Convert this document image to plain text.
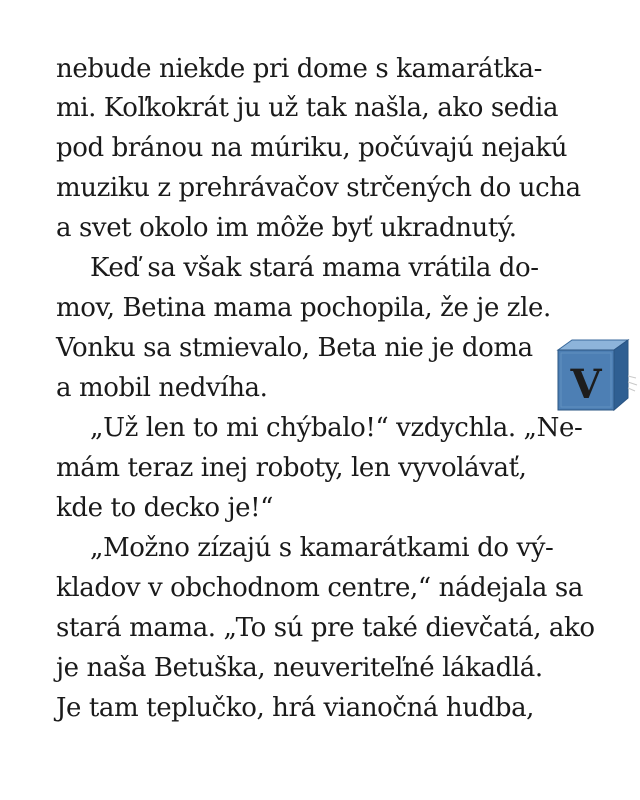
nebude niekde pri dome s kamarátka-
mi. Koľkokrát ju už tak našla, ako sedia
pod bránou na múriku, počúvajú nejakú
muziku z prehrávačov strčených do ucha
a svet okolo im môže byť ukradnutý.
Keď sa však stará mama vrátila do-
mov, Betina mama pochopila, že je zle.
Vonku sa stmievalo, Beta nie je doma
a mobil nedvíha.
„Už len to mi chýbalo!“ vzdychla. „Ne-
mám teraz inej roboty, len vyvolávať,
kde to decko je!“
„Možno zízajú s kamarátkami do vý-
kladov v obchodnom centre,“ nádejala sa
stará mama. „To sú pre také dievčatá, ako
je naša Betuška, neuveriteľné lákadlá.
Je tam teplučko, hrá vianočná hudba,
V
